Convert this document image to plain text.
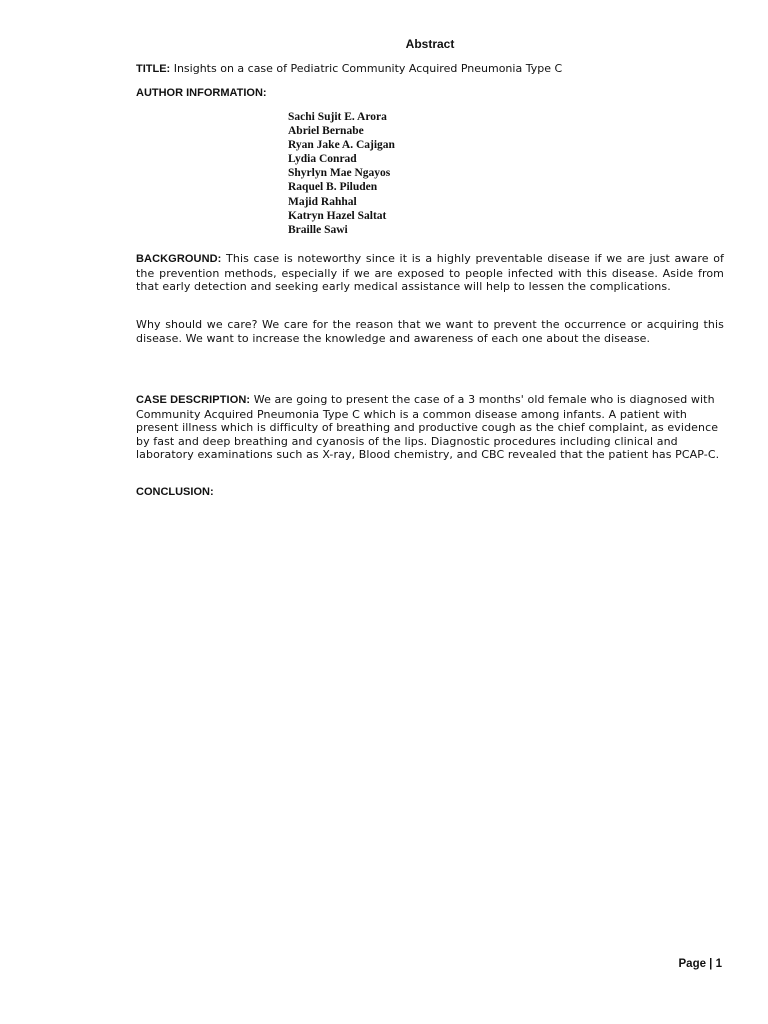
Abstract
TITLE: Insights on a case of Pediatric Community Acquired Pneumonia Type C
AUTHOR INFORMATION:
Sachi Sujit E. Arora
Abriel Bernabe
Ryan Jake A. Cajigan
Lydia Conrad
Shyrlyn Mae Ngayos
Raquel B. Piluden
Majid Rahhal
Katryn Hazel Saltat
Braille Sawi

BACKGROUND: This case is noteworthy since it is a highly preventable disease if we are just aware of the prevention methods, especially if we are exposed to people infected with this disease. Aside from that early detection and seeking early medical assistance will help to lessen the complications.

Why should we care? We care for the reason that we want to prevent the occurrence or acquiring this disease. We want to increase the knowledge and awareness of each one about the disease.

CASE DESCRIPTION: We are going to present the case of a 3 months' old female who is diagnosed with Community Acquired Pneumonia Type C which is a common disease among infants. A patient with present illness which is difficulty of breathing and productive cough as the chief complaint, as evidence by fast and deep breathing and cyanosis of the lips. Diagnostic procedures including clinical and laboratory examinations such as X-ray, Blood chemistry, and CBC revealed that the patient has PCAP-C.

CONCLUSION:
Page | 1
